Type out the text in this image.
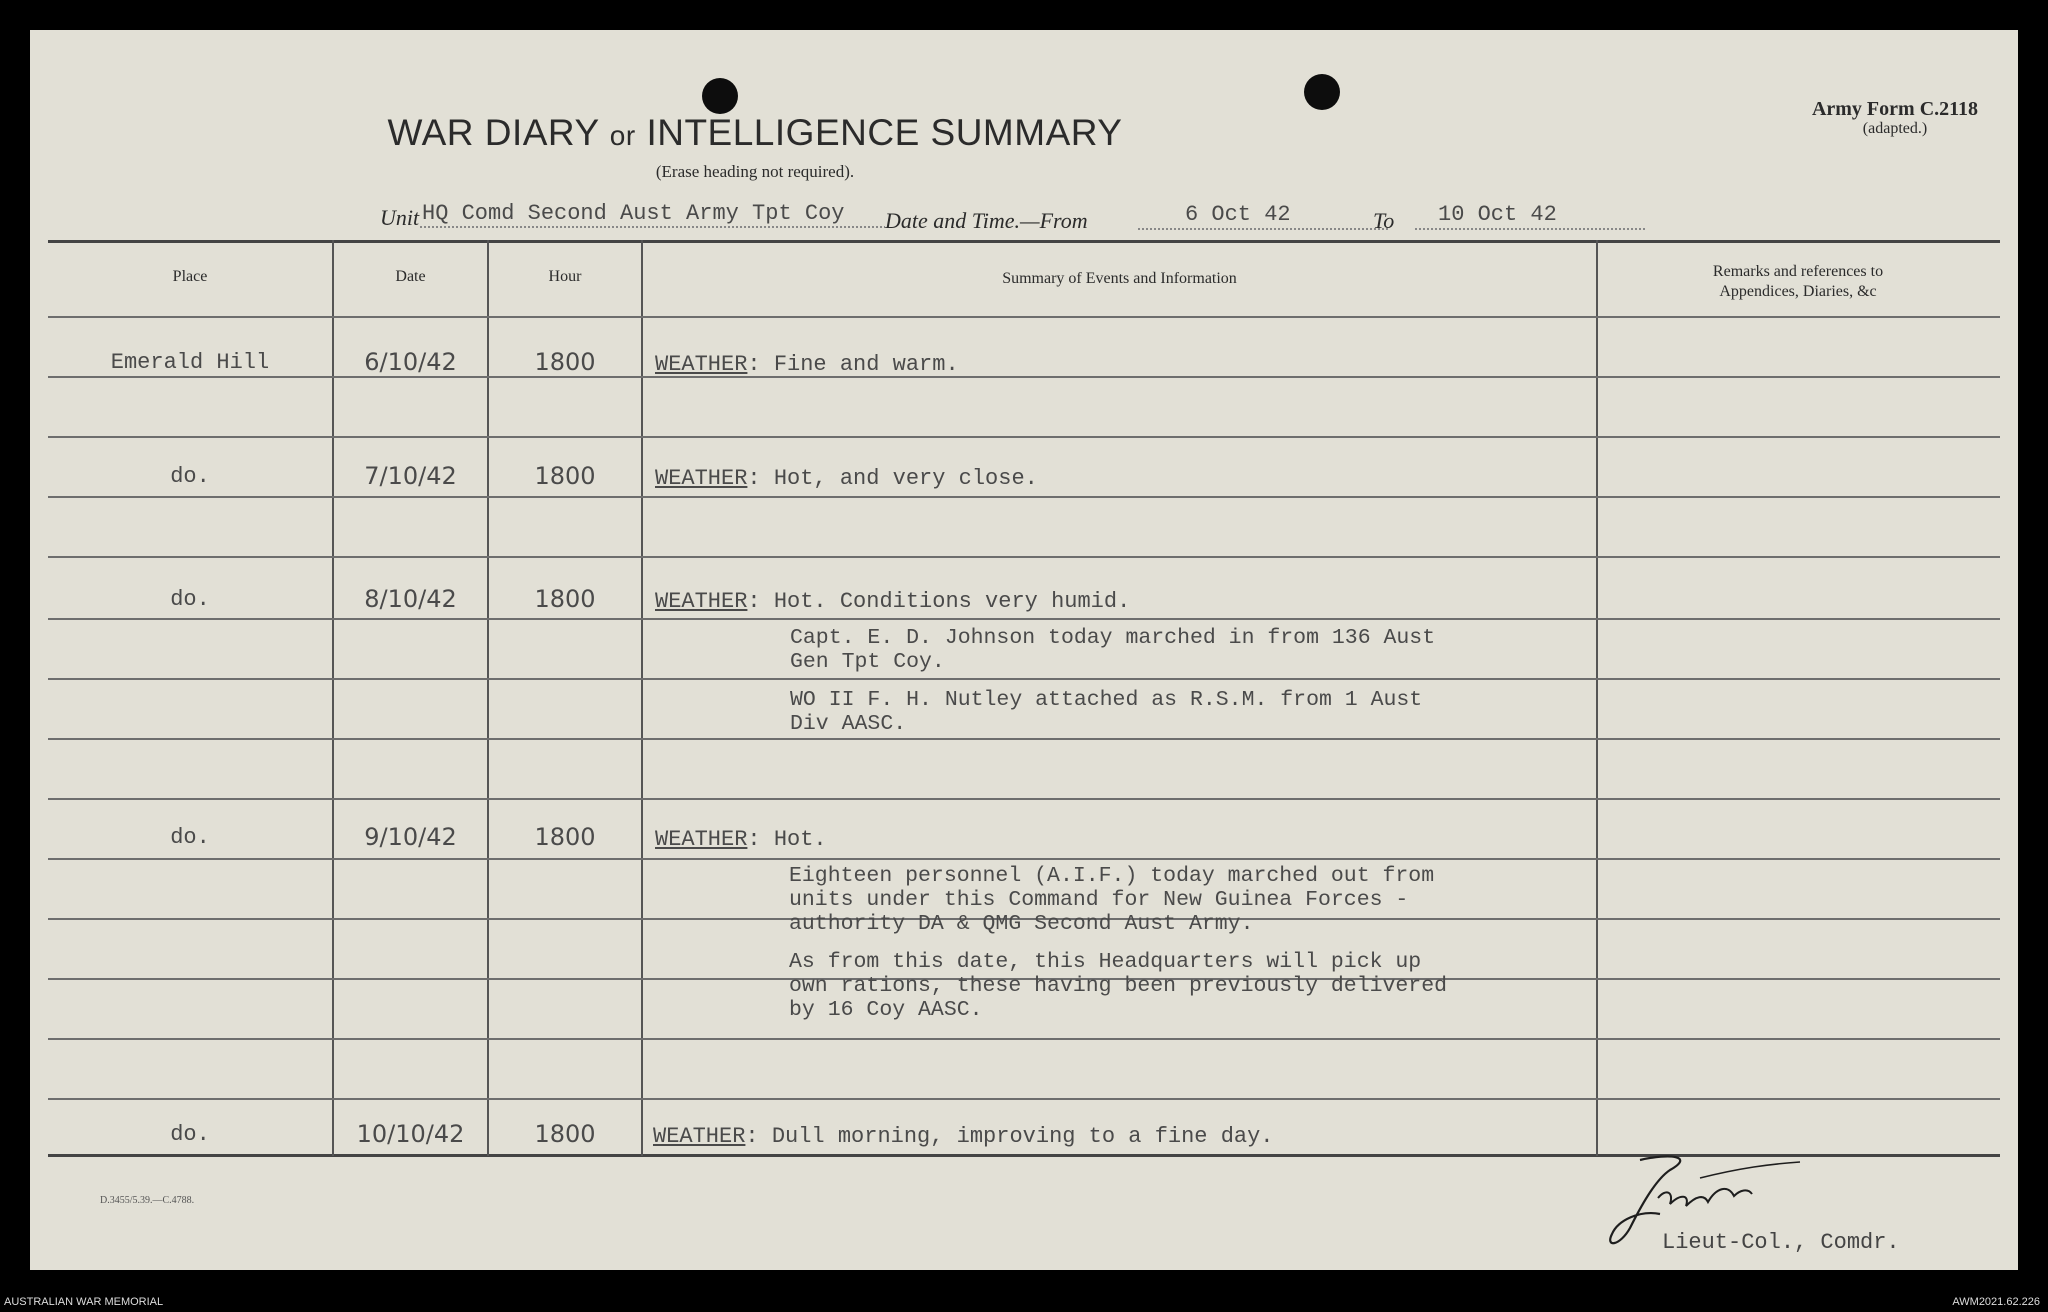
WAR DIARY or INTELLIGENCE SUMMARY
(Erase heading not required).
Army Form C.2118
(adapted.)
Unit HQ Comd Second Aust Army Tpt Coy Date and Time.—From	6 Oct 42	To 10 Oct 42
Place	Date	Hour	Summary of Events and Information	Remarks and references to
Appendices, Diaries, &c
Emerald Hill	6/10/42	1800	WEATHER: Fine and warm.
do.	7/10/42	1800	WEATHER: Hot, and very close.
do.	8/10/42	1800	WEATHER: Hot. Conditions very humid.
Capt. E. D. Johnson today marched in from 136 Aust
Gen Tpt Coy.
WO II F. H. Nutley attached as R.S.M. from 1 Aust
Div AASC.
do.	9/10/42	1800	WEATHER: Hot.
Eighteen personnel (A.I.F.) today marched out from
units under this Command for New Guinea Forces -
authority DA & QMG Second Aust Army.
As from this date, this Headquarters will pick up
own rations, these having been previously delivered
by 16 Coy AASC.
do.	10/10/42	1800	WEATHER: Dull morning, improving to a fine day.
D.3455/5.39.—C.4788.
Lieut-Col., Comdr.
AUSTRALIAN WAR MEMORIAL	AWM2021.62.226
